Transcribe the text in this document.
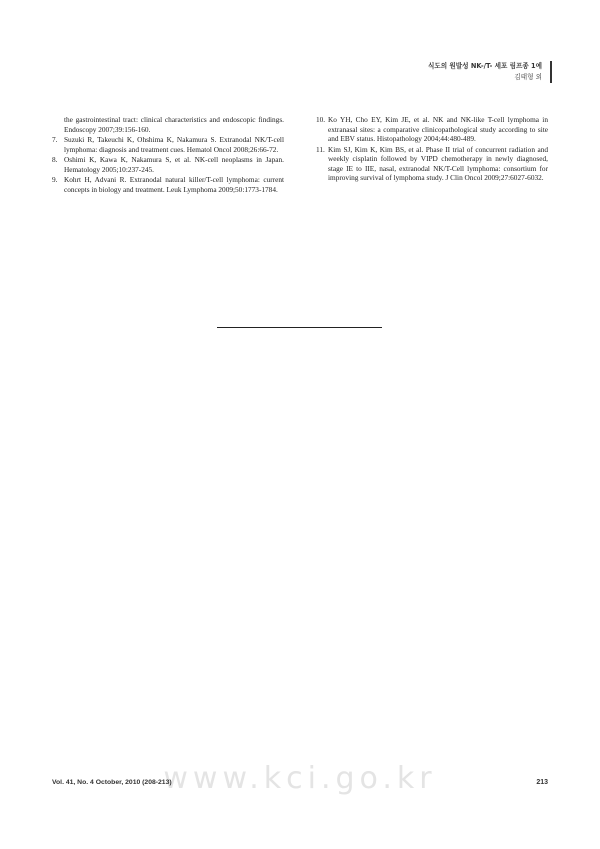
식도의 원발성 NK-/T- 세포 림프종 1예
김태형 외
the gastrointestinal tract: clinical characteristics and endoscopic findings. Endoscopy 2007;39:156-160.
7. Suzuki R, Takeuchi K, Ohshima K, Nakamura S. Extranodal NK/T-cell lymphoma: diagnosis and treatment cues. Hematol Oncol 2008;26:66-72.
8. Oshimi K, Kawa K, Nakamura S, et al. NK-cell neoplasms in Japan. Hematology 2005;10:237-245.
9. Kohrt H, Advani R. Extranodal natural killer/T-cell lymphoma: current concepts in biology and treatment. Leuk Lymphoma 2009;50:1773-1784.
10. Ko YH, Cho EY, Kim JE, et al. NK and NK-like T-cell lymphoma in extranasal sites: a comparative clinicopathological study according to site and EBV status. Histopathology 2004;44:480-489.
11. Kim SJ, Kim K, Kim BS, et al. Phase II trial of concurrent radiation and weekly cisplatin followed by VIPD chemotherapy in newly diagnosed, stage IE to IIE, nasal, extranodal NK/T-Cell lymphoma: consortium for improving survival of lymphoma study. J Clin Oncol 2009;27:6027-6032.
www.kci.go.kr
Vol. 41, No. 4 October, 2010 (208-213)	213
